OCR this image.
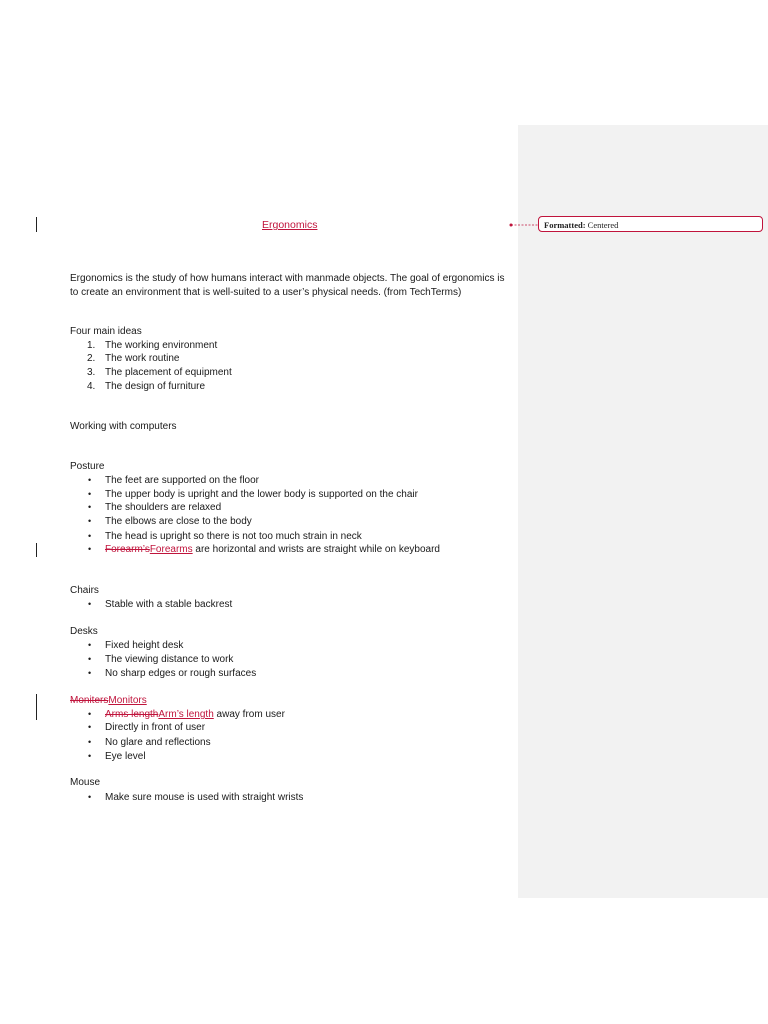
Ergonomics
Ergonomics is the study of how humans interact with manmade objects. The goal of ergonomics is to create an environment that is well-suited to a user’s physical needs. (from TechTerms)
Four main ideas
1. The working environment
2. The work routine
3. The placement of equipment
4. The design of furniture
Working with computers
Posture
• The feet are supported on the floor
• The upper body is upright and the lower body is supported on the chair
• The shoulders are relaxed
• The elbows are close to the body
• The head is upright so there is not too much strain in neck
• Forearm’sForearms are horizontal and wrists are straight while on keyboard
Chairs
• Stable with a stable backrest
Desks
• Fixed height desk
• The viewing distance to work
• No sharp edges or rough surfaces
MonitersMonitors
• Arms lengthArm’s length away from user
• Directly in front of user
• No glare and reflections
• Eye level
Mouse
• Make sure mouse is used with straight wrists
Formatted: Centered
